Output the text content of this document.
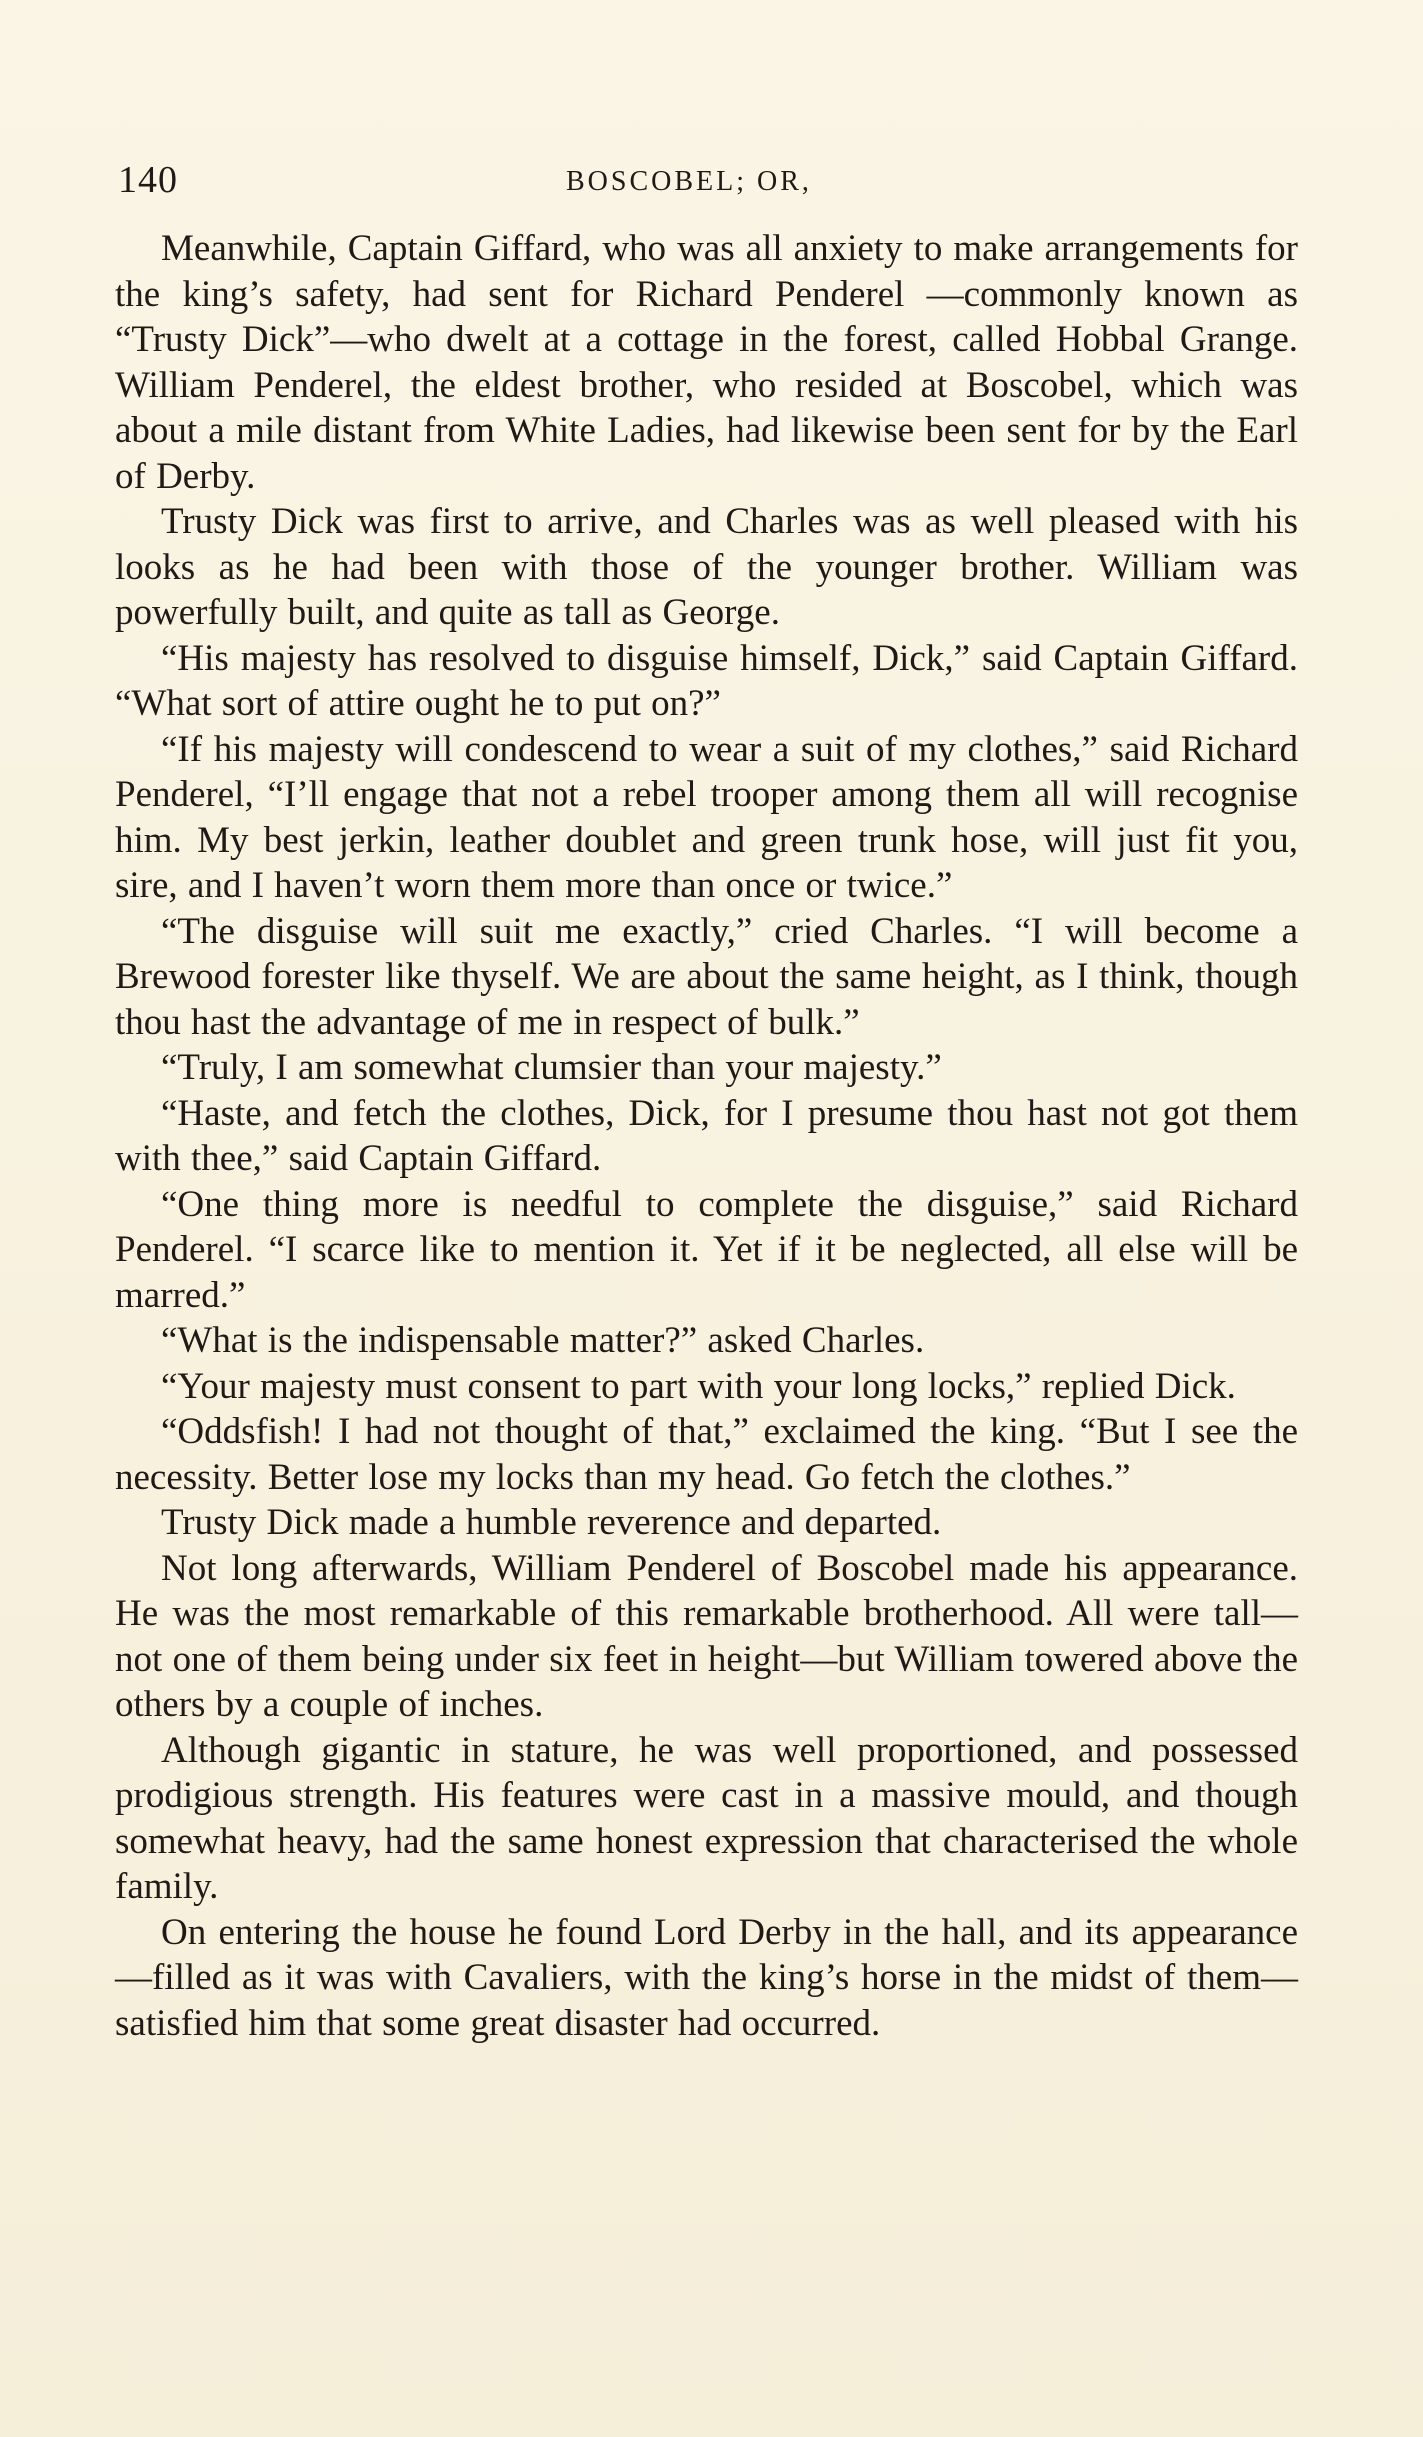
140	BOSCOBEL; OR,

Meanwhile, Captain Giffard, who was all anxiety to make arrangements for the king’s safety, had sent for Richard Penderel —commonly known as “Trusty Dick”—who dwelt at a cottage in the forest, called Hobbal Grange. William Penderel, the eldest brother, who resided at Boscobel, which was about a mile distant from White Ladies, had likewise been sent for by the Earl of Derby.

Trusty Dick was first to arrive, and Charles was as well pleased with his looks as he had been with those of the younger brother. William was powerfully built, and quite as tall as George.

“His majesty has resolved to disguise himself, Dick,” said Captain Giffard. “What sort of attire ought he to put on?”

“If his majesty will condescend to wear a suit of my clothes,” said Richard Penderel, “I’ll engage that not a rebel trooper among them all will recognise him. My best jerkin, leather doublet and green trunk hose, will just fit you, sire, and I haven’t worn them more than once or twice.”

“The disguise will suit me exactly,” cried Charles. “I will become a Brewood forester like thyself. We are about the same height, as I think, though thou hast the advantage of me in respect of bulk.”

“Truly, I am somewhat clumsier than your majesty.”

“Haste, and fetch the clothes, Dick, for I presume thou hast not got them with thee,” said Captain Giffard.

“One thing more is needful to complete the disguise,” said Richard Penderel. “I scarce like to mention it. Yet if it be neglected, all else will be marred.”

“What is the indispensable matter?” asked Charles.

“Your majesty must consent to part with your long locks,” replied Dick.

“Oddsfish! I had not thought of that,” exclaimed the king. “But I see the necessity. Better lose my locks than my head. Go fetch the clothes.”

Trusty Dick made a humble reverence and departed.

Not long afterwards, William Penderel of Boscobel made his appearance. He was the most remarkable of this remarkable brotherhood. All were tall—not one of them being under six feet in height—but William towered above the others by a couple of inches.

Although gigantic in stature, he was well proportioned, and possessed prodigious strength. His features were cast in a massive mould, and though somewhat heavy, had the same honest expression that characterised the whole family.

On entering the house he found Lord Derby in the hall, and its appearance—filled as it was with Cavaliers, with the king’s horse in the midst of them—satisfied him that some great disaster had occurred.
